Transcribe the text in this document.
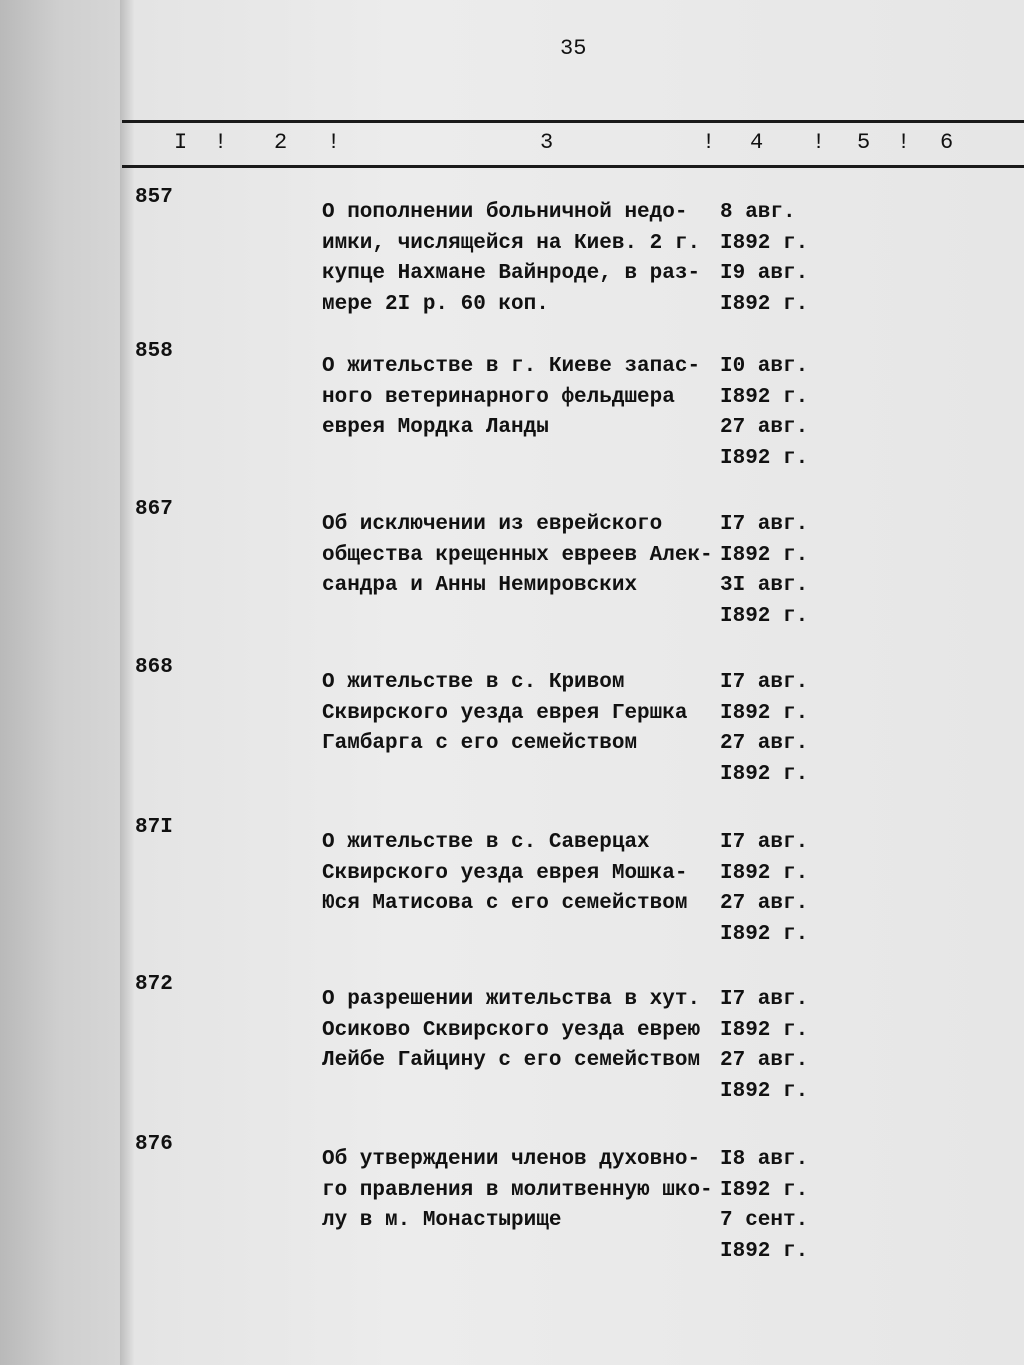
35
I ! 2 !	3	! 4 ! 5 ! 6
857
О пополнении больничной недо-
имки, числящейся на Киев. 2 г.
купце Нахмане Вайнроде, в раз-
мере 2I р. 60 коп.
8 авг.
I892 г.
I9 авг.
I892 г.
858
О жительстве в г. Киеве запас-
ного ветеринарного фельдшера
еврея Мордка Ланды
I0 авг.
I892 г.
27 авг.
I892 г.
867
Об исключении из еврейского
общества крещенных евреев Алек-
сандра и Анны Немировских
I7 авг.
I892 г.
3I авг.
I892 г.
868
О жительстве в с. Кривом
Сквирского уезда еврея Гершка
Гамбарга с его семейством
I7 авг.
I892 г.
27 авг.
I892 г.
87I
О жительстве в с. Саверцах
Сквирского уезда еврея Мошка-
Юся Матисова с его семейством
I7 авг.
I892 г.
27 авг.
I892 г.
872
О разрешении жительства в хут.
Осиково Сквирского уезда еврею
Лейбе Гайцину с его семейством
I7 авг.
I892 г.
27 авг.
I892 г.
876
Об утверждении членов духовно-
го правления в молитвенную шко-
лу в м. Монастырище
I8 авг.
I892 г.
7 сент.
I892 г.
